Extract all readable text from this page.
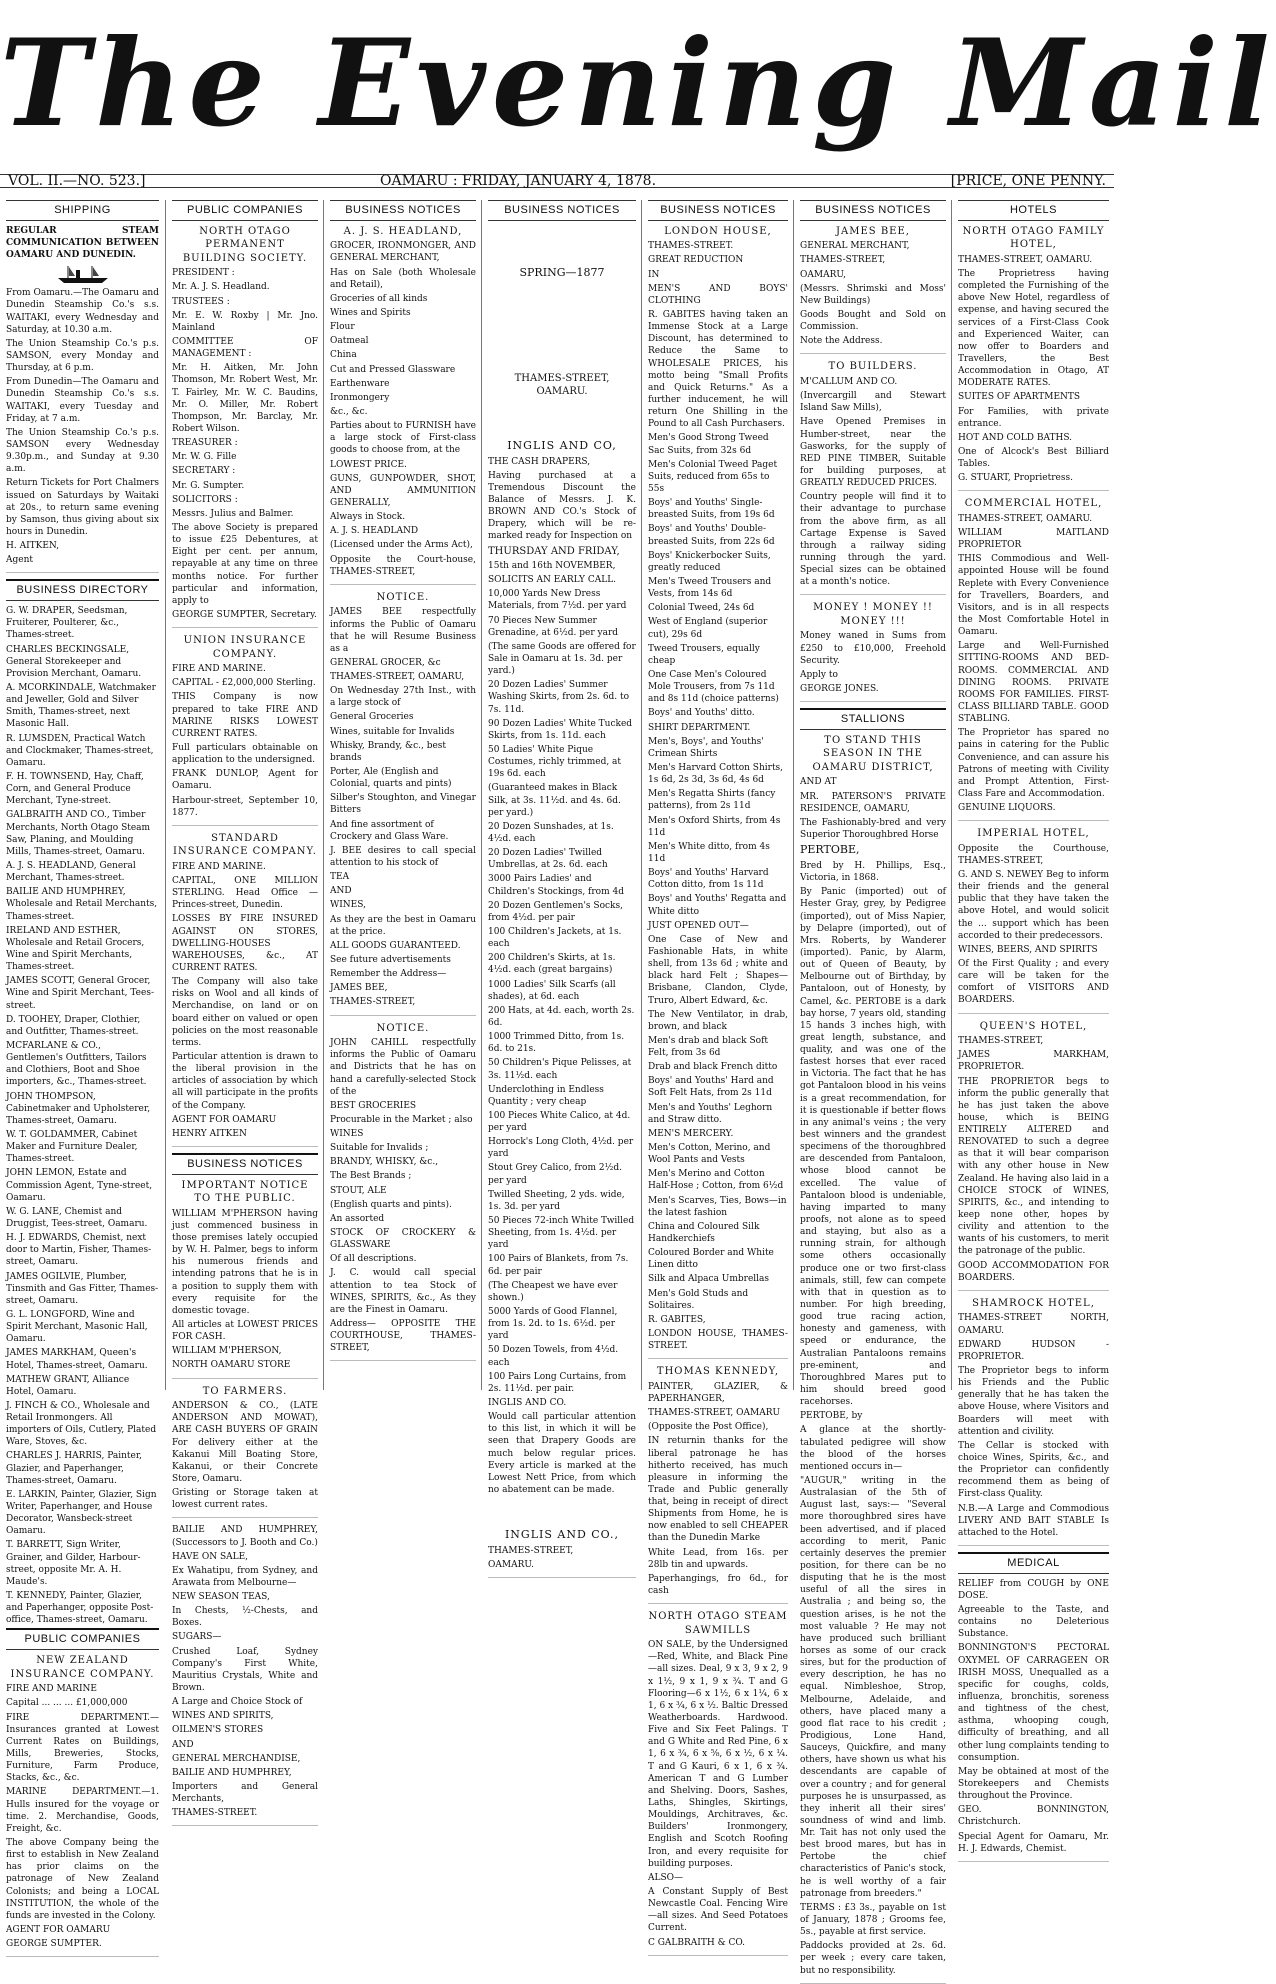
The Evening Mail
VOL. II.—NO. 523.]	OAMARU : FRIDAY, JANUARY 4, 1878.	[PRICE, ONE PENNY.
SHIPPING

REGULAR STEAM COMMUNICATION BETWEEN OAMARU AND DUNEDIN.

From Oamaru.—The Oamaru and Dunedin Steamship Co.'s s.s. WAITAKI, every Wednesday and Saturday, at 10.30 a.m.

The Union Steamship Co.'s p.s. SAMSON, every Monday and Thursday, at 6 p.m.

From Dunedin—The Oamaru and Dunedin Steamship Co.'s s.s. WAITAKI, every Tuesday and Friday, at 7 a.m.

The Union Steamship Co.'s p.s. SAMSON every Wednesday 9.30p.m., and Sunday at 9.30 a.m.

Return Tickets for Port Chalmers issued on Saturdays by Waitaki at 20s., to return same evening by Samson, thus giving about six hours in Dunedin.

H. AITKEN,

Agent

BUSINESS DIRECTORY
G. W. DRAPER, Seedsman, Fruiterer, Poulterer, &c., Thames-street.
CHARLES BECKINGSALE, General Storekeeper and Provision Merchant, Oamaru.
A. MCORKINDALE, Watchmaker and Jeweller, Gold and Silver Smith, Thames-street, next Masonic Hall.
R. LUMSDEN, Practical Watch and Clockmaker, Thames-street, Oamaru.
F. H. TOWNSEND, Hay, Chaff, Corn, and General Produce Merchant, Tyne-street.
GALBRAITH AND CO., Timber Merchants, North Otago Steam Saw, Planing, and Moulding Mills, Thames-street, Oamaru.
A. J. S. HEADLAND, General Merchant, Thames-street.
BAILIE AND HUMPHREY, Wholesale and Retail Merchants, Thames-street.
IRELAND AND ESTHER, Wholesale and Retail Grocers, Wine and Spirit Merchants, Thames-street.
JAMES SCOTT, General Grocer, Wine and Spirit Merchant, Tees-street.
D. TOOHEY, Draper, Clothier, and Outfitter, Thames-street.
MCFARLANE & CO., Gentlemen's Outfitters, Tailors and Clothiers, Boot and Shoe importers, &c., Thames-street.
JOHN THOMPSON, Cabinetmaker and Upholsterer, Thames-street, Oamaru.
W. T. GOLDAMMER, Cabinet Maker and Furniture Dealer, Thames-street.
JOHN LEMON, Estate and Commission Agent, Tyne-street, Oamaru.
W. G. LANE, Chemist and Druggist, Tees-street, Oamaru.
H. J. EDWARDS, Chemist, next door to Martin, Fisher, Thames-street, Oamaru.
JAMES OGILVIE, Plumber, Tinsmith and Gas Fitter, Thames-street, Oamaru.
G. L. LONGFORD, Wine and Spirit Merchant, Masonic Hall, Oamaru.
JAMES MARKHAM, Queen's Hotel, Thames-street, Oamaru.
MATHEW GRANT, Alliance Hotel, Oamaru.
J. FINCH & CO., Wholesale and Retail Ironmongers. All importers of Oils, Cutlery, Plated Ware, Stoves, &c.
CHARLES J. HARRIS, Painter, Glazier, and Paperhanger, Thames-street, Oamaru.
E. LARKIN, Painter, Glazier, Sign Writer, Paperhanger, and House Decorator, Wansbeck-street Oamaru.
T. BARRETT, Sign Writer, Grainer, and Gilder, Harbour-street, opposite Mr. A. H. Maude's.
T. KENNEDY, Painter, Glazier, and Paperhanger, opposite Post-office, Thames-street, Oamaru.
PUBLIC COMPANIES
NEW ZEALAND INSURANCE COMPANY.

FIRE AND MARINE

Capital ... ... ... £1,000,000

FIRE DEPARTMENT.—Insurances granted at Lowest Current Rates on Buildings, Mills, Breweries, Stocks, Furniture, Farm Produce, Stacks, &c., &c.

MARINE DEPARTMENT.—1. Hulls insured for the voyage or time. 2. Merchandise, Goods, Freight, &c.

The above Company being the first to establish in New Zealand has prior claims on the patronage of New Zealand Colonists; and being a LOCAL INSTITUTION, the whole of the funds are invested in the Colony.

AGENT FOR OAMARU

GEORGE SUMPTER.

PUBLIC COMPANIES
NORTH OTAGO PERMANENT BUILDING SOCIETY.

PRESIDENT :

Mr. A. J. S. Headland.

TRUSTEES :

Mr. E. W. Roxby | Mr. Jno. Mainland

COMMITTEE OF MANAGEMENT :

Mr. H. Aitken, Mr. John Thomson, Mr. Robert West, Mr. T. Fairley, Mr. W. C. Baudins, Mr. O. Miller, Mr. Robert Thompson, Mr. Barclay, Mr. Robert Wilson.

TREASURER :

Mr. W. G. Fille

SECRETARY :

Mr. G. Sumpter.

SOLICITORS :

Messrs. Julius and Balmer.

The above Society is prepared to issue £25 Debentures, at Eight per cent. per annum, repayable at any time on three months notice. For further particular and information, apply to

GEORGE SUMPTER, Secretary.

UNION INSURANCE COMPANY.

FIRE AND MARINE.

CAPITAL - £2,000,000 Sterling.

THIS Company is now prepared to take FIRE AND MARINE RISKS LOWEST CURRENT RATES.

Full particulars obtainable on application to the undersigned.

FRANK DUNLOP, Agent for Oamaru.

Harbour-street, September 10, 1877.

STANDARD INSURANCE COMPANY.

FIRE AND MARINE.

CAPITAL, ONE MILLION STERLING. Head Office — Princes-street, Dunedin.

LOSSES BY FIRE INSURED AGAINST ON STORES, DWELLING-HOUSES WAREHOUSES, &c., AT CURRENT RATES.

The Company will also take risks on Wool and all kinds of Merchandise, on land or on board either on valued or open policies on the most reasonable terms.

Particular attention is drawn to the liberal provision in the articles of association by which all will participate in the profits of the Company.

AGENT FOR OAMARU

HENRY AITKEN

BUSINESS NOTICES
IMPORTANT NOTICE TO THE PUBLIC.

WILLIAM M'PHERSON having just commenced business in those premises lately occupied by W. H. Palmer, begs to inform his numerous friends and intending patrons that he is in a position to supply them with every requisite for the domestic tovage.

All articles at LOWEST PRICES FOR CASH.

WILLIAM M'PHERSON,

NORTH OAMARU STORE

TO FARMERS.

ANDERSON & CO., (LATE ANDERSON AND MOWAT), ARE CASH BUYERS OF GRAIN For delivery either at the Kakanui Mill Boating Store, Kakanui, or their Concrete Store, Oamaru.

Gristing or Storage taken at lowest current rates.

BAILIE AND HUMPHREY, (Successors to J. Booth and Co.)

HAVE ON SALE,

Ex Wahatipu, from Sydney, and Arawata from Melbourne—

NEW SEASON TEAS,

In Chests, ½-Chests, and Boxes.

SUGARS—

Crushed Loaf, Sydney Company's First White, Mauritius Crystals, White and Brown.

A Large and Choice Stock of

WINES AND SPIRITS,

OILMEN'S STORES

AND

GENERAL MERCHANDISE,

BAILIE AND HUMPHREY,

Importers and General Merchants,

THAMES-STREET.

BUSINESS NOTICES
A. J. S. HEADLAND,

GROCER, IRONMONGER, AND GENERAL MERCHANT,

Has on Sale (both Wholesale and Retail),

Groceries of all kinds
Wines and Spirits
Flour
Oatmeal
China
Cut and Pressed Glassware
Earthenware
Ironmongery
&c., &c.

Parties about to FURNISH have a large stock of First-class goods to choose from, at the

LOWEST PRICE.

GUNS, GUNPOWDER, SHOT, AND AMMUNITION GENERALLY,

Always in Stock.

A. J. S. HEADLAND

(Licensed under the Arms Act),

Opposite the Court-house, THAMES-STREET,

NOTICE.

JAMES BEE respectfully informs the Public of Oamaru that he will Resume Business as a

GENERAL GROCER, &c

THAMES-STREET, OAMARU,

On Wednesday 27th Inst., with a large stock of

General Groceries
Wines, suitable for Invalids
Whisky, Brandy, &c., best brands
Porter, Ale (English and Colonial, quarts and pints)
Silber's Stoughton, and Vinegar Bitters
And fine assortment of Crockery and Glass Ware.

J. BEE desires to call special attention to his stock of

TEA

AND

WINES,

As they are the best in Oamaru at the price.

ALL GOODS GUARANTEED.

See future advertisements

Remember the Address—

JAMES BEE,

THAMES-STREET,

NOTICE.

JOHN CAHILL respectfully informs the Public of Oamaru and Districts that he has on hand a carefully-selected Stock of the

BEST GROCERIES

Procurable in the Market ; also

WINES

Suitable for Invalids ;

BRANDY, WHISKY, &c.,

The Best Brands ;

STOUT, ALE

(English quarts and pints).

An assorted

STOCK OF CROCKERY & GLASSWARE

Of all descriptions.

J. C. would call special attention to tea Stock of WINES, SPIRITS, &c., As they are the Finest in Oamaru.

Address— OPPOSITE THE COURTHOUSE, THAMES-STREET,

BUSINESS NOTICES

SPRING—1877

THAMES-STREET, OAMARU.

INGLIS AND CO,

THE CASH DRAPERS,

Having purchased at a Tremendous Discount the Balance of Messrs. J. K. BROWN AND CO.'s Stock of Drapery, which will be re-marked ready for Inspection on

THURSDAY AND FRIDAY,

15th and 16th NOVEMBER,

SOLICITS AN EARLY CALL.

10,000 Yards New Dress Materials, from 7½d. per yard
70 Pieces New Summer Grenadine, at 6½d. per yard
(The same Goods are offered for Sale in Oamaru at 1s. 3d. per yard.)
20 Dozen Ladies' Summer Washing Skirts, from 2s. 6d. to 7s. 11d.
90 Dozen Ladies' White Tucked Skirts, from 1s. 11d. each
50 Ladies' White Pique Costumes, richly trimmed, at 19s 6d. each
(Guaranteed makes in Black Silk, at 3s. 11½d. and 4s. 6d. per yard.)
20 Dozen Sunshades, at 1s. 4½d. each
20 Dozen Ladies' Twilled Umbrellas, at 2s. 6d. each
3000 Pairs Ladies' and Children's Stockings, from 4d
20 Dozen Gentlemen's Socks, from 4½d. per pair
100 Children's Jackets, at 1s. each
200 Children's Skirts, at 1s. 4½d. each (great bargains)
1000 Ladies' Silk Scarfs (all shades), at 6d. each
200 Hats, at 4d. each, worth 2s. 6d.
1000 Trimmed Ditto, from 1s. 6d. to 21s.
50 Children's Pique Pelisses, at 3s. 11½d. each
Underclothing in Endless Quantity ; very cheap
100 Pieces White Calico, at 4d. per yard
Horrock's Long Cloth, 4½d. per yard
Stout Grey Calico, from 2½d. per yard
Twilled Sheeting, 2 yds. wide, 1s. 3d. per yard
50 Pieces 72-inch White Twilled Sheeting, from 1s. 4½d. per yard
100 Pairs of Blankets, from 7s. 6d. per pair
(The Cheapest we have ever shown.)
5000 Yards of Good Flannel, from 1s. 2d. to 1s. 6½d. per yard
50 Dozen Towels, from 4½d. each
100 Pairs Long Curtains, from 2s. 11½d. per pair.

INGLIS AND CO.

Would call particular attention to this list, in which it will be seen that Drapery Goods are much below regular prices. Every article is marked at the Lowest Nett Price, from which no abatement can be made.

INGLIS AND CO.,

THAMES-STREET,

OAMARU.

BUSINESS NOTICES
LONDON HOUSE,

THAMES-STREET.

GREAT REDUCTION

IN

MEN'S AND BOYS' CLOTHING

R. GABITES having taken an Immense Stock at a Large Discount, has determined to Reduce the Same to WHOLESALE PRICES, his motto being "Small Profits and Quick Returns." As a further inducement, he will return One Shilling in the Pound to all Cash Purchasers.

Men's Good Strong Tweed Sac Suits, from 32s 6d
Men's Colonial Tweed Paget Suits, reduced from 65s to 55s
Boys' and Youths' Single-breasted Suits, from 19s 6d
Boys' and Youths' Double-breasted Suits, from 22s 6d
Boys' Knickerbocker Suits, greatly reduced
Men's Tweed Trousers and Vests, from 14s 6d
Colonial Tweed, 24s 6d
West of England (superior cut), 29s 6d
Tweed Trousers, equally cheap
One Case Men's Coloured Mole Trousers, from 7s 11d and 8s 11d (choice patterns)
Boys' and Youths' ditto.

SHIRT DEPARTMENT.

Men's, Boys', and Youths' Crimean Shirts
Men's Harvard Cotton Shirts, 1s 6d, 2s 3d, 3s 6d, 4s 6d
Men's Regatta Shirts (fancy patterns), from 2s 11d
Men's Oxford Shirts, from 4s 11d
Men's White ditto, from 4s 11d
Boys' and Youths' Harvard Cotton ditto, from 1s 11d
Boys' and Youths' Regatta and White ditto

JUST OPENED OUT—

One Case of New and Fashionable Hats, in white shell, from 13s 6d ; white and black hard Felt ; Shapes—Brisbane, Clandon, Clyde, Truro, Albert Edward, &c.

The New Ventilator, in drab, brown, and black

Men's drab and black Soft Felt, from 3s 6d
Drab and black French ditto
Boys' and Youths' Hard and Soft Felt Hats, from 2s 11d
Men's and Youths' Leghorn and Straw ditto.

MEN'S MERCERY.

Men's Cotton, Merino, and Wool Pants and Vests
Men's Merino and Cotton Half-Hose ; Cotton, from 6½d
Men's Scarves, Ties, Bows—in the latest fashion
China and Coloured Silk Handkerchiefs
Coloured Border and White Linen ditto
Silk and Alpaca Umbrellas
Men's Gold Studs and Solitaires.

R. GABITES,

LONDON HOUSE, THAMES-STREET.

THOMAS KENNEDY,

PAINTER, GLAZIER, & PAPERHANGER,

THAMES-STREET, OAMARU

(Opposite the Post Office),

IN returnin thanks for the liberal patronage he has hitherto received, has much pleasure in informing the Trade and Public generally that, being in receipt of direct Shipments from Home, he is now enabled to sell CHEAPER than the Dunedin Marke

White Lead, from 16s. per 28lb tin and upwards.

Paperhangings, fro 6d., for cash

NORTH OTAGO STEAM SAWMILLS

ON SALE, by the Undersigned—Red, White, and Black Pine—all sizes. Deal, 9 x 3, 9 x 2, 9 x 1½, 9 x 1, 9 x ¾. T and G Flooring—6 x 1½, 6 x 1¼, 6 x 1, 6 x ¾, 6 x ½. Baltic Dressed Weatherboards. Hardwood. Five and Six Feet Palings. T and G White and Red Pine, 6 x 1, 6 x ¾, 6 x ⅝, 6 x ½, 6 x ¼. T and G Kauri, 6 x 1, 6 x ¾. American T and G Lumber and Shelving. Doors, Sashes, Laths, Shingles, Skirtings, Mouldings, Architraves, &c. Builders' Ironmongery, English and Scotch Roofing Iron, and every requisite for building purposes.

ALSO—

A Constant Supply of Best Newcastle Coal. Fencing Wire—all sizes. And Seed Potatoes Current.

C GALBRAITH & CO.

BUSINESS NOTICES
JAMES BEE,

GENERAL MERCHANT,

THAMES-STREET,

OAMARU,

(Messrs. Shrimski and Moss' New Buildings)

Goods Bought and Sold on Commission.

Note the Address.

TO BUILDERS.

M'CALLUM AND CO.

(Invercargill and Stewart Island Saw Mills),

Have Opened Premises in Humber-street, near the Gasworks, for the supply of RED PINE TIMBER, Suitable for building purposes, at GREATLY REDUCED PRICES.

Country people will find it to their advantage to purchase from the above firm, as all Cartage Expense is Saved through a railway siding running through the yard. Special sizes can be obtained at a month's notice.

MONEY ! MONEY !! MONEY !!!

Money waned in Sums from £250 to £10,000, Freehold Security.

Apply to

GEORGE JONES.

STALLIONS
TO STAND THIS SEASON IN THE OAMARU DISTRICT,

AND AT

MR. PATERSON'S PRIVATE RESIDENCE, OAMARU,

The Fashionably-bred and very Superior Thoroughbred Horse

PERTOBE,

Bred by H. Phillips, Esq., Victoria, in 1868.

By Panic (imported) out of Hester Gray, grey, by Pedigree (imported), out of Miss Napier, by Delapre (imported), out of Mrs. Roberts, by Wanderer (imported). Panic, by Alarm, out of Queen of Beauty, by Melbourne out of Birthday, by Pantaloon, out of Honesty, by Camel, &c. PERTOBE is a dark bay horse, 7 years old, standing 15 hands 3 inches high, with great length, substance, and quality, and was one of the fastest horses that ever raced in Victoria. The fact that he has got Pantaloon blood in his veins is a great recommendation, for it is questionable if better flows in any animal's veins ; the very best winners and the grandest specimens of the thoroughbred are descended from Pantaloon, whose blood cannot be excelled. The value of Pantaloon blood is undeniable, having imparted to many proofs, not alone as to speed and staying, but also as a running strain, for although some others occasionally produce one or two first-class animals, still, few can compete with that in question as to number. For high breeding, good true racing action, honesty and gameness, with speed or endurance, the Australian Pantaloons remains pre-eminent, and Thoroughbred Mares put to him should breed good racehorses.

PERTOBE, by

A glance at the shortly-tabulated pedigree will show the blood of the horses mentioned occurs in—

"AUGUR," writing in the Australasian of the 5th of August last, says:— "Several more thoroughbred sires have been advertised, and if placed according to merit, Panic certainly deserves the premier position, for there can be no disputing that he is the most useful of all the sires in Australia ; and being so, the question arises, is he not the most valuable ? He may not have produced such brilliant horses as some of our crack sires, but for the production of every description, he has no equal. Nimbleshoe, Strop, Melbourne, Adelaide, and others, have placed many a good flat race to his credit ; Prodigious, Lone Hand, Sauceys, Quickfire, and many others, have shown us what his descendants are capable of over a country ; and for general purposes he is unsurpassed, as they inherit all their sires' soundness of wind and limb. Mr. Tait has not only used the best brood mares, but has in Pertobe the chief characteristics of Panic's stock, he is well worthy of a fair patronage from breeders."

TERMS : £3 3s., payable on 1st of January, 1878 ; Grooms fee, 5s., payable at first service.

Paddocks provided at 2s. 6d. per week ; every care taken, but no responsibility.

HOTELS
NORTH OTAGO FAMILY HOTEL,

THAMES-STREET, OAMARU.

The Proprietress having completed the Furnishing of the above New Hotel, regardless of expense, and having secured the services of a First-Class Cook and Experienced Waiter, can now offer to Boarders and Travellers, the Best Accommodation in Otago, AT MODERATE RATES.

SUITES OF APARTMENTS

For Families, with private entrance.

HOT AND COLD BATHS.

One of Alcock's Best Billiard Tables.

G. STUART, Proprietress.

COMMERCIAL HOTEL,

THAMES-STREET, OAMARU.

WILLIAM MAITLAND PROPRIETOR

THIS Commodious and Well-appointed House will be found Replete with Every Convenience for Travellers, Boarders, and Visitors, and is in all respects the Most Comfortable Hotel in Oamaru.

Large and Well-Furnished SITTING-ROOMS AND BED-ROOMS. COMMERCIAL AND DINING ROOMS. PRIVATE ROOMS FOR FAMILIES. FIRST-CLASS BILLIARD TABLE. GOOD STABLING.

The Proprietor has spared no pains in catering for the Public Convenience, and can assure his Patrons of meeting with Civility and Prompt Attention, First-Class Fare and Accommodation.

GENUINE LIQUORS.

IMPERIAL HOTEL,

Opposite the Courthouse, THAMES-STREET,

G. AND S. NEWEY Beg to inform their friends and the general public that they have taken the above Hotel, and would solicit the ... support which has been accorded to their predecessors.

WINES, BEERS, AND SPIRITS

Of the First Quality ; and every care will be taken for the comfort of VISITORS AND BOARDERS.

QUEEN'S HOTEL,

THAMES-STREET,

JAMES MARKHAM, PROPRIETOR.

THE PROPRIETOR begs to inform the public generally that he has just taken the above house, which is BEING ENTIRELY ALTERED and RENOVATED to such a degree as that it will bear comparison with any other house in New Zealand. He having also laid in a CHOICE STOCK of WINES, SPIRITS, &c., and intending to keep none other, hopes by civility and attention to the wants of his customers, to merit the patronage of the public.

GOOD ACCOMMODATION FOR BOARDERS.

SHAMROCK HOTEL,

THAMES-STREET NORTH, OAMARU.

EDWARD HUDSON - PROPRIETOR.

The Proprietor begs to inform his Friends and the Public generally that he has taken the above House, where Visitors and Boarders will meet with attention and civility.

The Cellar is stocked with choice Wines, Spirits, &c., and the Proprietor can confidently recommend them as being of First-class Quality.

N.B.—A Large and Commodious LIVERY AND BAIT STABLE Is attached to the Hotel.

MEDICAL

RELIEF from COUGH by ONE DOSE.

Agreeable to the Taste, and contains no Deleterious Substance.

BONNINGTON'S PECTORAL OXYMEL OF CARRAGEEN OR IRISH MOSS, Unequalled as a specific for coughs, colds, influenza, bronchitis, soreness and tightness of the chest, asthma, whooping cough, difficulty of breathing, and all other lung complaints tending to consumption.

May be obtained at most of the Storekeepers and Chemists throughout the Province.

GEO. BONNINGTON, Christchurch.

Special Agent for Oamaru, Mr. H. J. Edwards, Chemist.
